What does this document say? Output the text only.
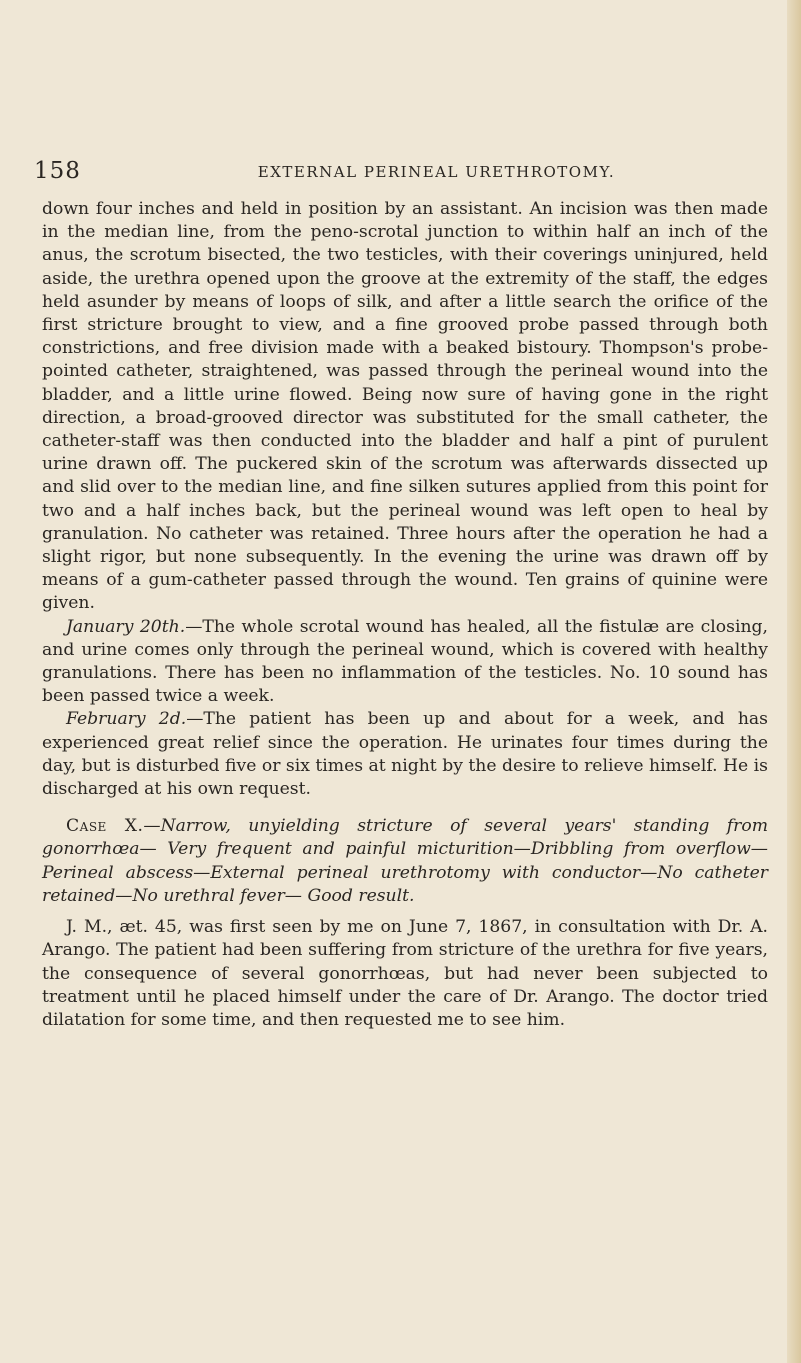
158	EXTERNAL PERINEAL URETHROTOMY.

down four inches and held in position by an assistant. An incision was then made in the median line, from the peno-scrotal junction to within half an inch of the anus, the scrotum bisected, the two testicles, with their coverings uninjured, held aside, the urethra opened upon the groove at the extremity of the staff, the edges held asunder by means of loops of silk, and after a little search the orifice of the first stricture brought to view, and a fine grooved probe passed through both constrictions, and free division made with a beaked bistoury. Thompson's probe-pointed catheter, straightened, was passed through the perineal wound into the bladder, and a little urine flowed. Being now sure of having gone in the right direction, a broad-grooved director was substituted for the small catheter, the catheter-staff was then conducted into the bladder and half a pint of purulent urine drawn off. The puckered skin of the scrotum was afterwards dissected up and slid over to the median line, and fine silken sutures applied from this point for two and a half inches back, but the perineal wound was left open to heal by granulation. No catheter was retained. Three hours after the operation he had a slight rigor, but none subsequently. In the evening the urine was drawn off by means of a gum-catheter passed through the wound. Ten grains of quinine were given.

January 20th.—The whole scrotal wound has healed, all the fistulæ are closing, and urine comes only through the perineal wound, which is covered with healthy granulations. There has been no inflammation of the testicles. No. 10 sound has been passed twice a week.

February 2d.—The patient has been up and about for a week, and has experienced great relief since the operation. He urinates four times during the day, but is disturbed five or six times at night by the desire to relieve himself. He is discharged at his own request.

Case X.—Narrow, unyielding stricture of several years' standing from gonorrhœa— Very frequent and painful micturition—Dribbling from overflow—Perineal abscess—External perineal urethrotomy with conductor—No catheter retained—No urethral fever— Good result.

J. M., æt. 45, was first seen by me on June 7, 1867, in consultation with Dr. A. Arango. The patient had been suffering from stricture of the urethra for five years, the consequence of several gonorrhœas, but had never been subjected to treatment until he placed himself under the care of Dr. Arango. The doctor tried dilatation for some time, and then requested me to see him.
